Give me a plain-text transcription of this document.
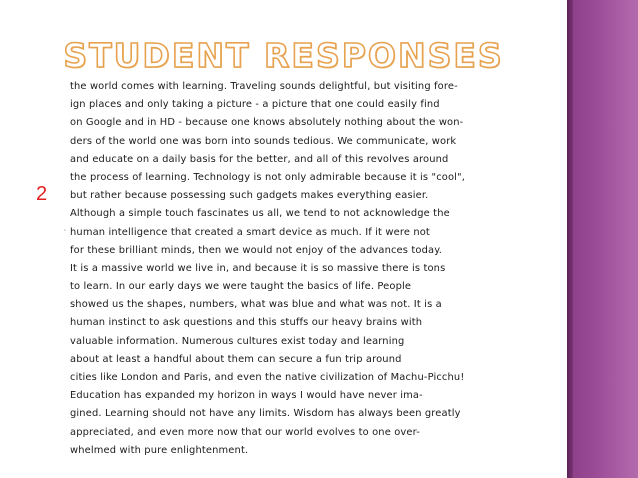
STUDENT RESPONSES
2
‘
the world comes with learning. Traveling sounds delightful, but visiting fore-
ign places and only taking a picture - a picture that one could easily find
on Google and in HD - because one knows absolutely nothing about the won-
ders of the world one was born into sounds tedious. We communicate, work
and educate on a daily basis for the better, and all of this revolves around
the process of learning. Technology is not only admirable because it is "cool",
but rather because possessing such gadgets makes everything easier.
Although a simple touch fascinates us all, we tend to not acknowledge the
human intelligence that created a smart device as much. If it were not
for these brilliant minds, then we would not enjoy of the advances today.
It is a massive world we live in, and because it is so massive there is tons
to learn. In our early days we were taught the basics of life. People
showed us the shapes, numbers, what was blue and what was not. It is a
human instinct to ask questions and this stuffs our heavy brains with
valuable information. Numerous cultures exist today and learning
about at least a handful about them can secure a fun trip around
cities like London and Paris, and even the native civilization of Machu-Picchu!
Education has expanded my horizon in ways I would have never ima-
gined. Learning should not have any limits. Wisdom has always been greatly
appreciated, and even more now that our world evolves to one over-
whelmed with pure enlightenment.
